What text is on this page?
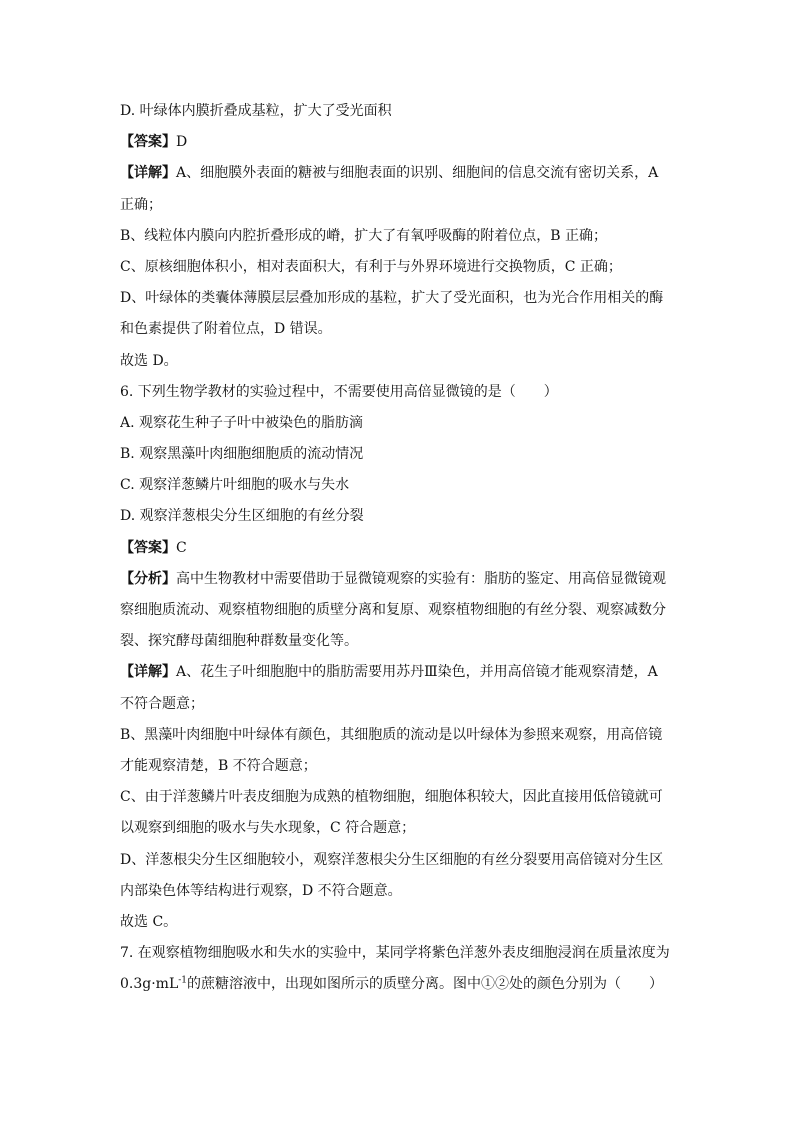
D. 叶绿体内膜折叠成基粒，扩大了受光面积
【答案】D
【详解】A、细胞膜外表面的糖被与细胞表面的识别、细胞间的信息交流有密切关系，A
正确；
B、线粒体内膜向内腔折叠形成的嵴，扩大了有氧呼吸酶的附着位点，B 正确；
C、原核细胞体积小，相对表面积大，有利于与外界环境进行交换物质，C 正确；
D、叶绿体的类囊体薄膜层层叠加形成的基粒，扩大了受光面积，也为光合作用相关的酶
和色素提供了附着位点，D 错误。
故选 D。
6. 下列生物学教材的实验过程中，不需要使用高倍显微镜的是（　　）
A. 观察花生种子子叶中被染色的脂肪滴
B. 观察黑藻叶肉细胞细胞质的流动情况
C. 观察洋葱鳞片叶细胞的吸水与失水
D. 观察洋葱根尖分生区细胞的有丝分裂
【答案】C
【分析】高中生物教材中需要借助于显微镜观察的实验有：脂肪的鉴定、用高倍显微镜观
察细胞质流动、观察植物细胞的质壁分离和复原、观察植物细胞的有丝分裂、观察减数分
裂、探究酵母菌细胞种群数量变化等。
【详解】A、花生子叶细胞胞中的脂肪需要用苏丹Ⅲ染色，并用高倍镜才能观察清楚，A
不符合题意；
B、黑藻叶肉细胞中叶绿体有颜色，其细胞质的流动是以叶绿体为参照来观察，用高倍镜
才能观察清楚，B 不符合题意；
C、由于洋葱鳞片叶表皮细胞为成熟的植物细胞，细胞体积较大，因此直接用低倍镜就可
以观察到细胞的吸水与失水现象，C 符合题意；
D、洋葱根尖分生区细胞较小，观察洋葱根尖分生区细胞的有丝分裂要用高倍镜对分生区
内部染色体等结构进行观察，D 不符合题意。
故选 C。
7. 在观察植物细胞吸水和失水的实验中，某同学将紫色洋葱外表皮细胞浸润在质量浓度为
$0.3g\cdot mL^{-1}$的蔗糖溶液中，出现如图所示的质壁分离。图中①②处的颜色分别为（　　）
